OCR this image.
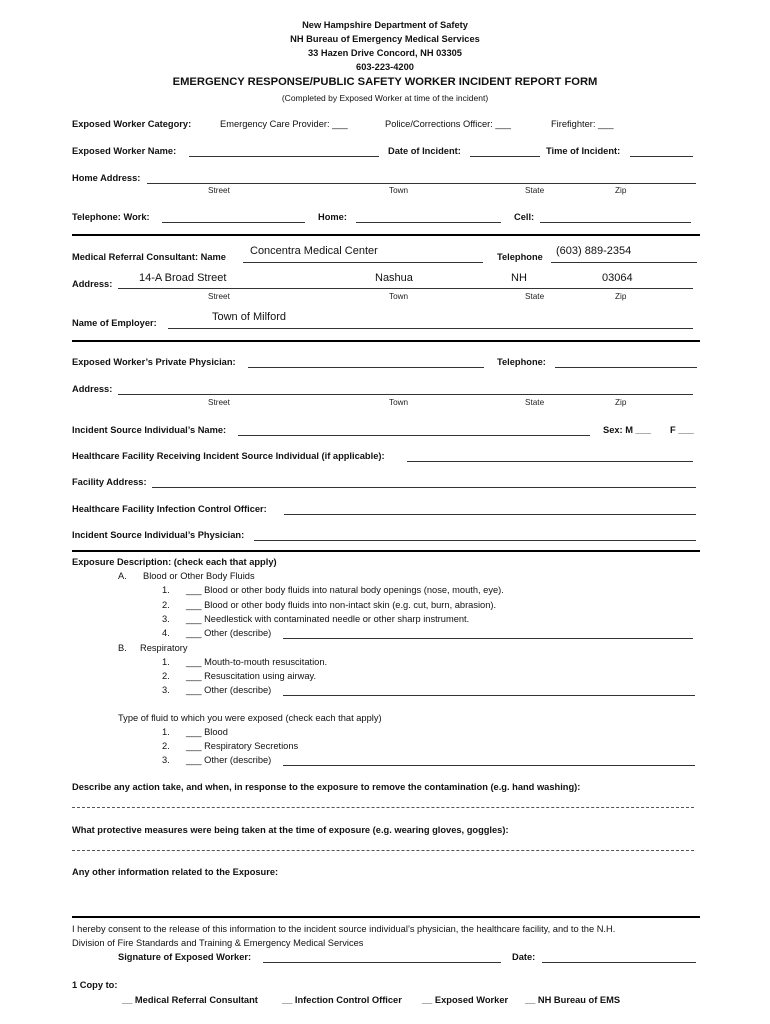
New Hampshire Department of Safety
NH Bureau of Emergency Medical Services
33 Hazen Drive Concord, NH 03305
603-223-4200
EMERGENCY RESPONSE/PUBLIC SAFETY WORKER INCIDENT REPORT FORM
(Completed by Exposed Worker at time of the incident)
Exposed Worker Category:	Emergency Care Provider: ___	Police/Corrections Officer: ___	Firefighter: ___
Exposed Worker Name:	Date of Incident:	Time of Incident:
Home Address:
Street	Town	State	Zip
Telephone: Work:	Home:	Cell:
Medical Referral Consultant: Name Concentra Medical Center	Telephone (603) 889-2354
Address: 14-A Broad Street	Nashua	NH	03064
Street	Town	State	Zip
Name of Employer:	Town of Milford
Exposed Worker’s Private Physician:	Telephone:
Address:
Street	Town	State	Zip
Incident Source Individual’s Name:	Sex: M ___ F ___
Healthcare Facility Receiving Incident Source Individual (if applicable):
Facility Address:
Healthcare Facility Infection Control Officer:
Incident Source Individual’s Physician:
Exposure Description: (check each that apply)
A. Blood or Other Body Fluids
1. ___ Blood or other body fluids into natural body openings (nose, mouth, eye).
2. ___ Blood or other body fluids into non-intact skin (e.g. cut, burn, abrasion).
3. ___ Needlestick with contaminated needle or other sharp instrument.
4. ___ Other (describe)
B. Respiratory
1. ___ Mouth-to-mouth resuscitation.
2. ___ Resuscitation using airway.
3. ___ Other (describe)
Type of fluid to which you were exposed (check each that apply)
1. ___ Blood
2. ___ Respiratory Secretions
3. ___ Other (describe)
Describe any action take, and when, in response to the exposure to remove the contamination (e.g. hand washing):
What protective measures were being taken at the time of exposure (e.g. wearing gloves, goggles):
Any other information related to the Exposure:
I hereby consent to the release of this information to the incident source individual’s physician, the healthcare facility, and to the N.H.
Division of Fire Standards and Training & Emergency Medical Services
Signature of Exposed Worker:	Date:
1 Copy to:
__ Medical Referral Consultant	__ Infection Control Officer __ Exposed Worker __ NH Bureau of EMS
